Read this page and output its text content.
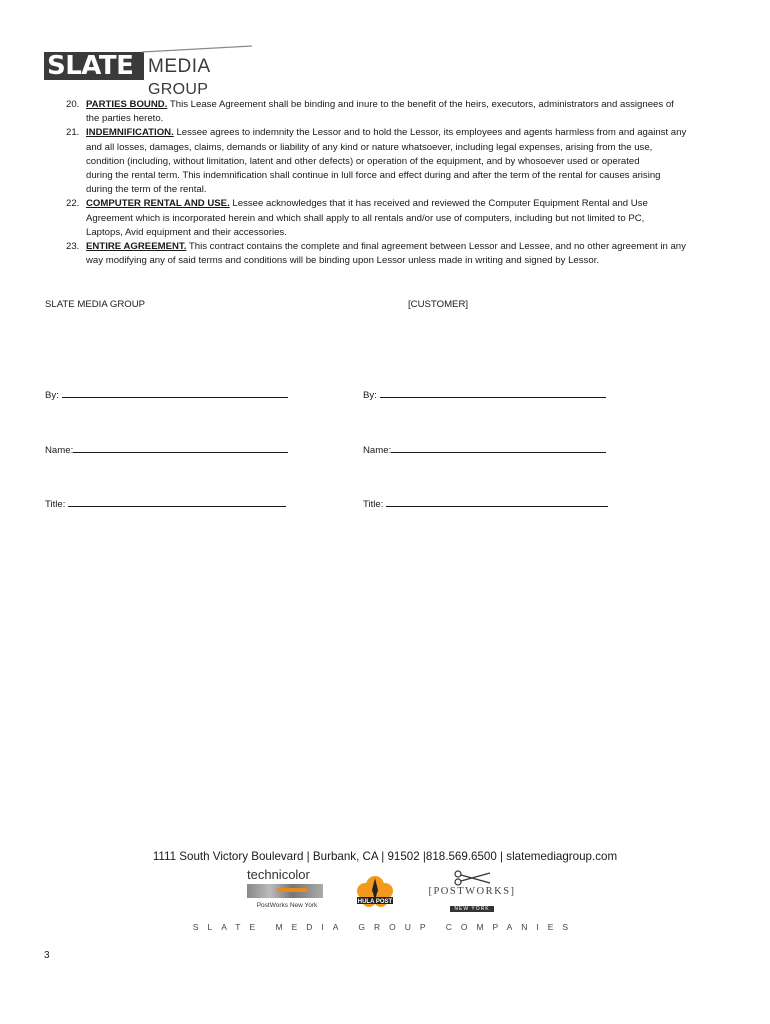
SLATE MEDIA GROUP
20. PARTIES BOUND. This Lease Agreement shall be binding and inure to the benefit of the heirs, executors, administrators and assignees of
the parties hereto.
21. INDEMNIFICATION. Lessee agrees to indemnity the Lessor and to hold the Lessor, its employees and agents harmless from and against any
and all losses, damages, claims, demands or liability of any kind or nature whatsoever, including legal expenses, arising from the use,
condition (including, without limitation, latent and other defects) or operation of the equipment, and by whosoever used or operated
during the rental term. This indemnification shall continue in lull force and effect during and after the term of the rental for causes arising
during the term of the rental.
22. COMPUTER RENTAL AND USE. Lessee acknowledges that it has received and reviewed the Computer Equipment Rental and Use
Agreement which is incorporated herein and which shall apply to all rentals and/or use of computers, including but not limited to PC,
Laptops, Avid equipment and their accessories.
23. ENTIRE AGREEMENT. This contract contains the complete and final agreement between Lessor and Lessee, and no other agreement in any
way modifying any of said terms and conditions will be binding upon Lessor unless made in writing and signed by Lessor.
SLATE MEDIA GROUP	[CUSTOMER]
By:	By:
Name:	Name:
Title:	Title:
1111 South Victory Boulevard | Burbank, CA | 91502 |818.569.6500 | slatemediagroup.com
technicolor
PostWorks New York	HULA POST
[POSTWORKS]
NEW YORK
SLATE MEDIA GROUP COMPANIES
3
